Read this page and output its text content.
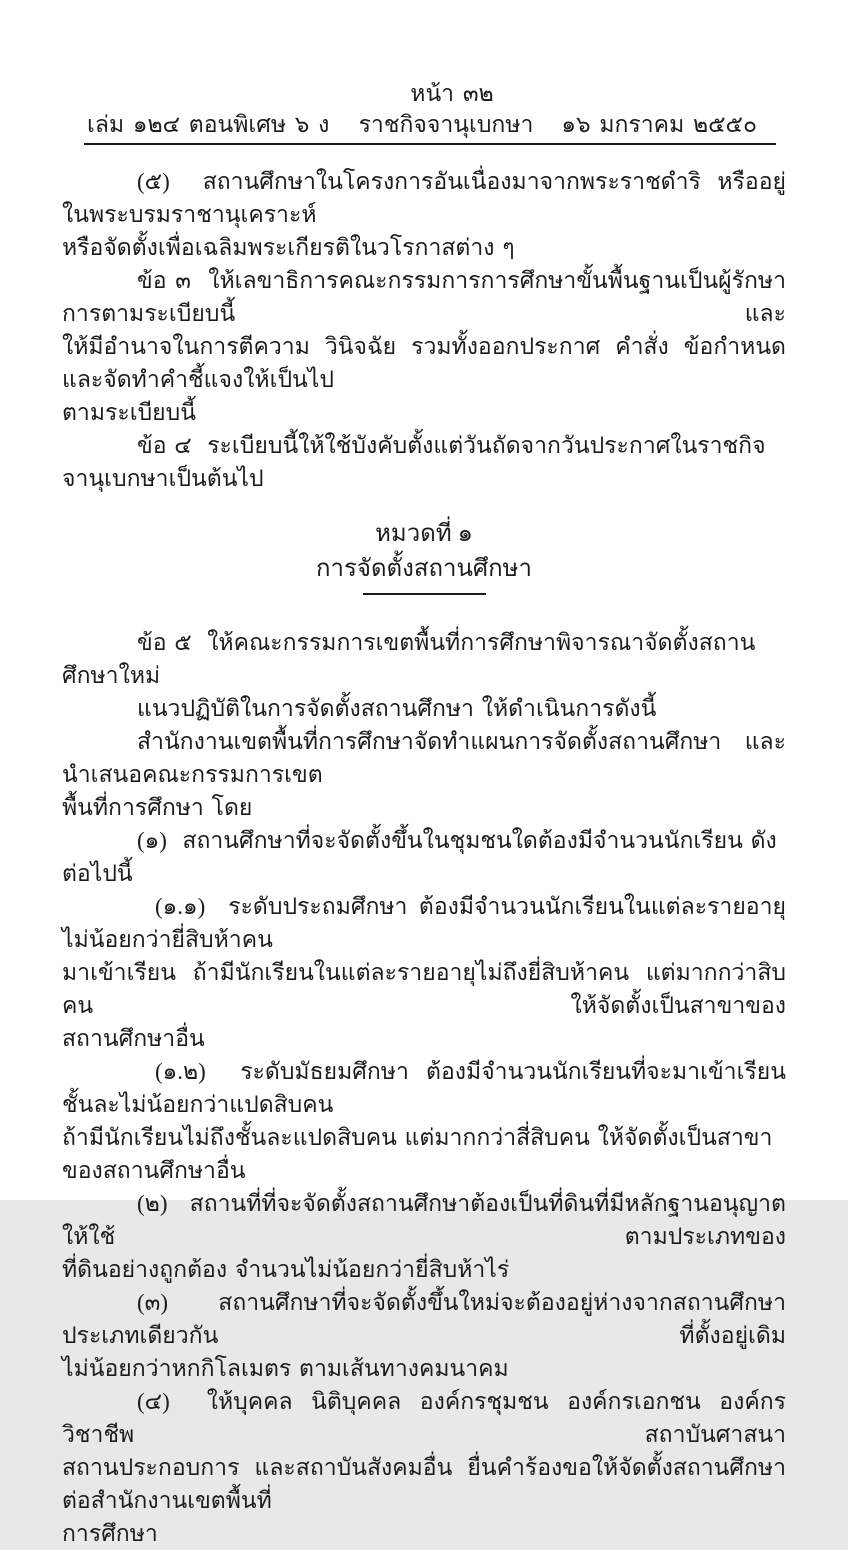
หน้า ๓๒
เล่ม ๑๒๔ ตอนพิเศษ ๖ ง	ราชกิจจานุเบกษา	๑๖ มกราคม ๒๕๕๐
(๕)  สถานศึกษาในโครงการอันเนื่องมาจากพระราชดำริ หรืออยู่ในพระบรมราชานุเคราะห์
หรือจัดตั้งเพื่อเฉลิมพระเกียรติในวโรกาสต่าง ๆ
ข้อ ๓  ให้เลขาธิการคณะกรรมการการศึกษาขั้นพื้นฐานเป็นผู้รักษาการตามระเบียบนี้ และ
ให้มีอำนาจในการตีความ วินิจฉัย รวมทั้งออกประกาศ คำสั่ง ข้อกำหนด และจัดทำคำชี้แจงให้เป็นไป
ตามระเบียบนี้
ข้อ ๔  ระเบียบนี้ให้ใช้บังคับตั้งแต่วันถัดจากวันประกาศในราชกิจจานุเบกษาเป็นต้นไป
หมวดที่ ๑
การจัดตั้งสถานศึกษา
ข้อ ๕  ให้คณะกรรมการเขตพื้นที่การศึกษาพิจารณาจัดตั้งสถานศึกษาใหม่
แนวปฏิบัติในการจัดตั้งสถานศึกษา ให้ดำเนินการดังนี้
สำนักงานเขตพื้นที่การศึกษาจัดทำแผนการจัดตั้งสถานศึกษา และนำเสนอคณะกรรมการเขต
พื้นที่การศึกษา โดย
(๑)  สถานศึกษาที่จะจัดตั้งขึ้นในชุมชนใดต้องมีจำนวนนักเรียน ดังต่อไปนี้
(๑.๑)  ระดับประถมศึกษา ต้องมีจำนวนนักเรียนในแต่ละรายอายุไม่น้อยกว่ายี่สิบห้าคน
มาเข้าเรียน ถ้ามีนักเรียนในแต่ละรายอายุไม่ถึงยี่สิบห้าคน แต่มากกว่าสิบคน ให้จัดตั้งเป็นสาขาของ
สถานศึกษาอื่น
(๑.๒)  ระดับมัธยมศึกษา ต้องมีจำนวนนักเรียนที่จะมาเข้าเรียนชั้นละไม่น้อยกว่าแปดสิบคน
ถ้ามีนักเรียนไม่ถึงชั้นละแปดสิบคน แต่มากกว่าสี่สิบคน ให้จัดตั้งเป็นสาขาของสถานศึกษาอื่น
(๒)  สถานที่ที่จะจัดตั้งสถานศึกษาต้องเป็นที่ดินที่มีหลักฐานอนุญาตให้ใช้ ตามประเภทของ
ที่ดินอย่างถูกต้อง จำนวนไม่น้อยกว่ายี่สิบห้าไร่
(๓)  สถานศึกษาที่จะจัดตั้งขึ้นใหม่จะต้องอยู่ห่างจากสถานศึกษาประเภทเดียวกัน ที่ตั้งอยู่เดิม
ไม่น้อยกว่าหกกิโลเมตร ตามเส้นทางคมนาคม
(๔)  ให้บุคคล นิติบุคคล องค์กรชุมชน องค์กรเอกชน องค์กรวิชาชีพ สถาบันศาสนา
สถานประกอบการ และสถาบันสังคมอื่น ยื่นคำร้องขอให้จัดตั้งสถานศึกษาต่อสำนักงานเขตพื้นที่
การศึกษา
